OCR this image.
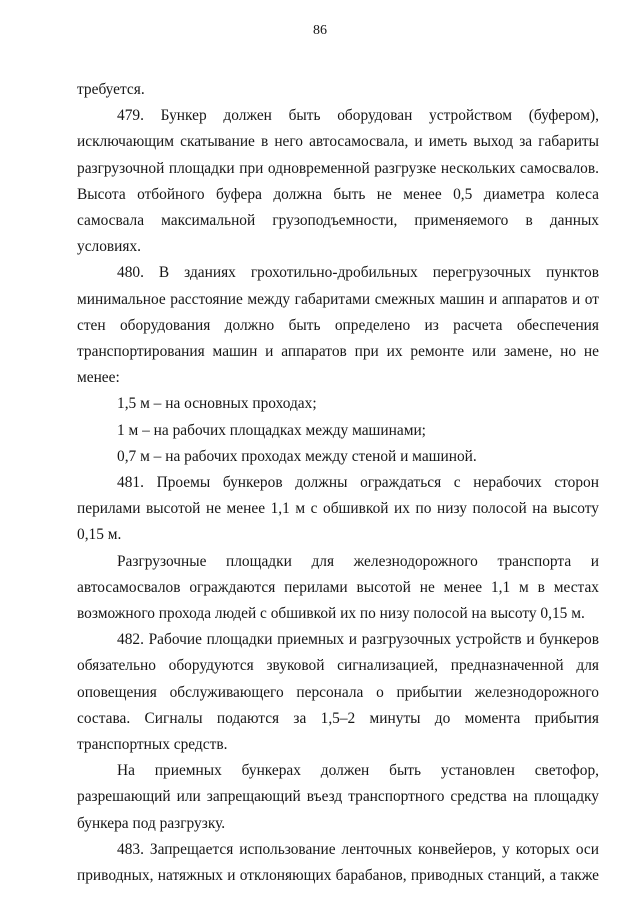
86

требуется.

479. Бункер должен быть оборудован устройством (буфером), исключающим скатывание в него автосамосвала, и иметь выход за габариты разгрузочной площадки при одновременной разгрузке нескольких самосвалов. Высота отбойного буфера должна быть не менее 0,5 диаметра колеса самосвала максимальной грузоподъемности, применяемого в данных условиях.

480. В зданиях грохотильно-дробильных перегрузочных пунктов минимальное расстояние между габаритами смежных машин и аппаратов и от стен оборудования должно быть определено из расчета обеспечения транспортирования машин и аппаратов при их ремонте или замене, но не менее:

1,5 м – на основных проходах;

1 м – на рабочих площадках между машинами;

0,7 м – на рабочих проходах между стеной и машиной.

481. Проемы бункеров должны ограждаться с нерабочих сторон перилами высотой не менее 1,1 м с обшивкой их по низу полосой на высоту 0,15 м.

Разгрузочные площадки для железнодорожного транспорта и автосамосвалов ограждаются перилами высотой не менее 1,1 м в местах возможного прохода людей с обшивкой их по низу полосой на высоту 0,15 м.

482. Рабочие площадки приемных и разгрузочных устройств и бункеров обязательно оборудуются звуковой сигнализацией, предназначенной для оповещения обслуживающего персонала о прибытии железнодорожного состава. Сигналы подаются за 1,5–2 минуты до момента прибытия транспортных средств.

На приемных бункерах должен быть установлен светофор, разрешающий или запрещающий въезд транспортного средства на площадку бункера под разгрузку.

483. Запрещается использование ленточных конвейеров, у которых оси приводных, натяжных и отклоняющих барабанов, приводных станций, а также
